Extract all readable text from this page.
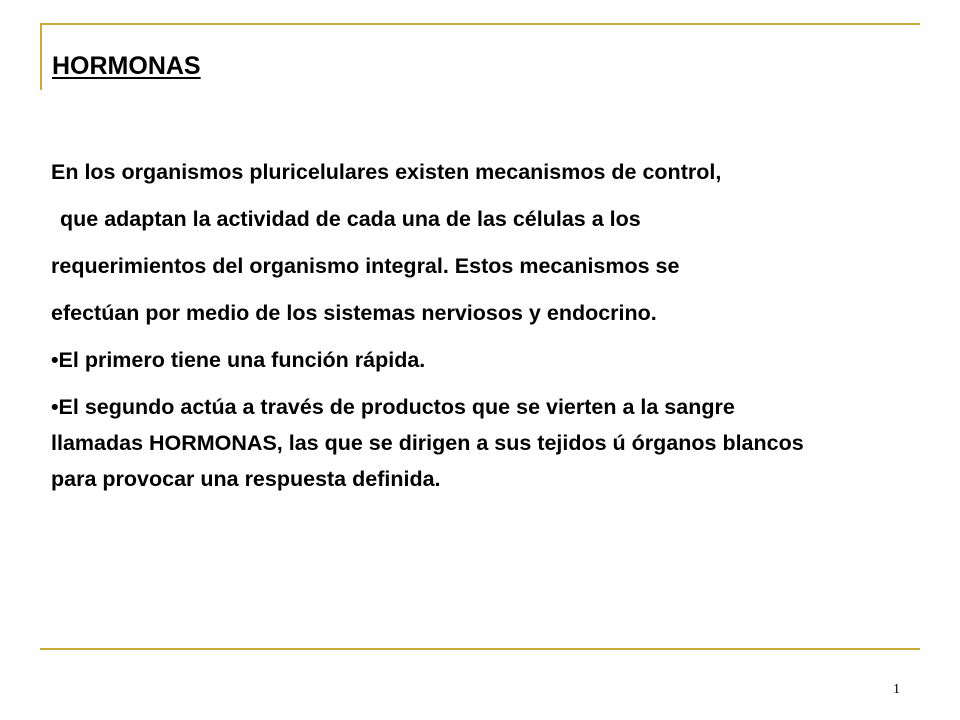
HORMONAS
En los organismos pluricelulares existen mecanismos de control,
que adaptan la actividad de cada una de las células a los
requerimientos del organismo integral. Estos mecanismos se
efectúan por medio de los sistemas nerviosos y endocrino.
•El primero tiene una función rápida.
•El segundo actúa a través de productos que se vierten a la sangre
llamadas HORMONAS, las que se dirigen a sus tejidos ú órganos blancos
para provocar una respuesta definida.
1
